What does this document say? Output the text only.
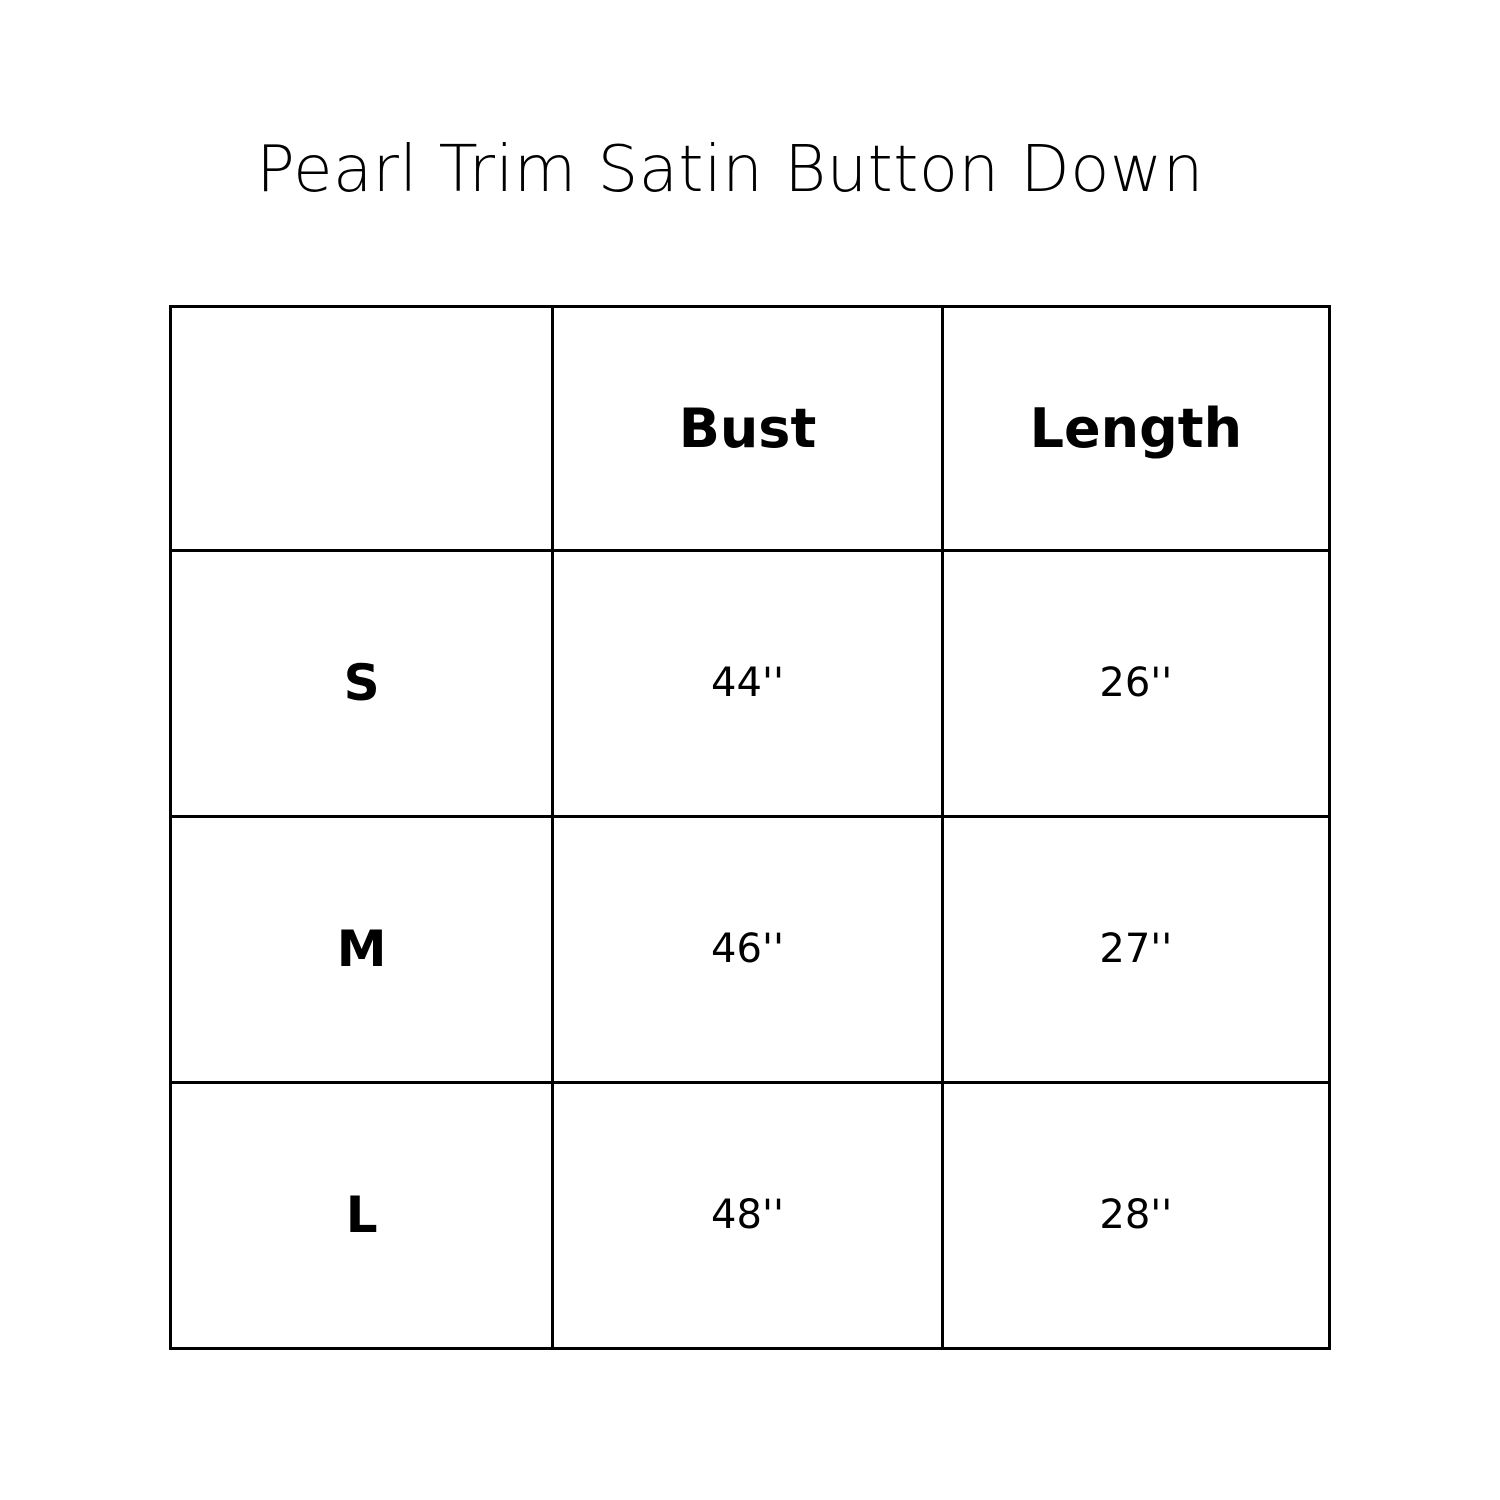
Pearl Trim Satin Button Down
	Bust	Length
S	44''	26''
M	46''	27''
L	48''	28''
